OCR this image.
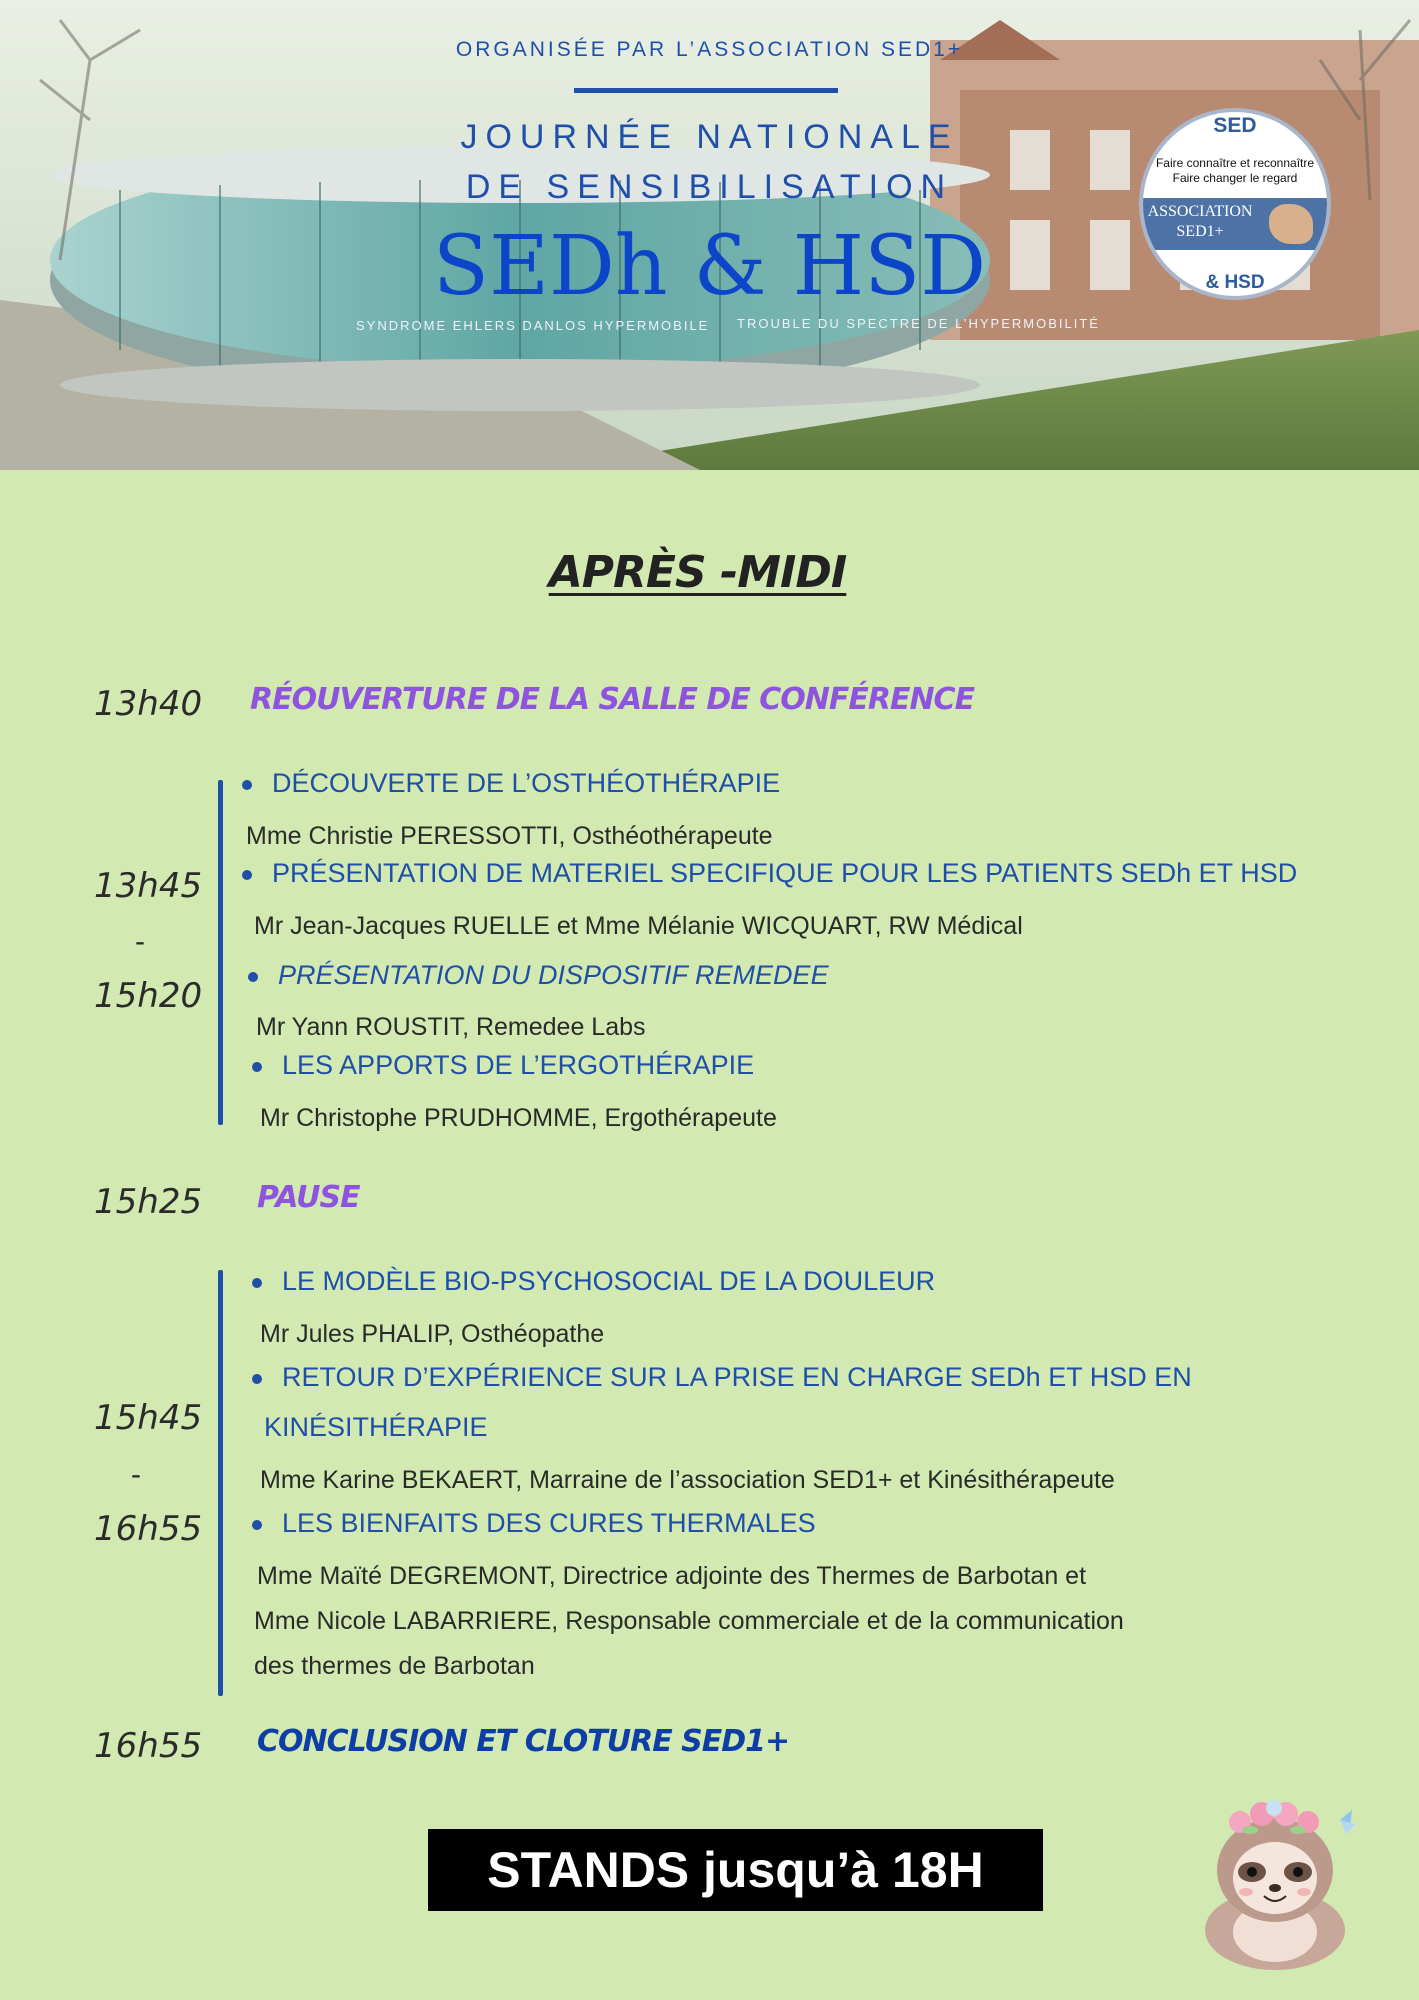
ORGANISÉE PAR L’ASSOCIATION SED1+
JOURNÉE NATIONALE
DE SENSIBILISATION
SEDh & HSD
SYNDROME EHLERS DANLOS HYPERMOBILE TROUBLE DU SPECTRE DE L’HYPERMOBILITÉ
SED
Faire connaître et reconnaître
Faire changer le regard
ASSOCIATION
SED1+
& HSD
APRÈS -MIDI
13h40 RÉOUVERTURE DE LA SALLE DE CONFÉRENCE
13h45
-
15h20
DÉCOUVERTE DE L’OSTHÉOTHÉRAPIE
Mme Christie PERESSOTTI, Osthéothérapeute
PRÉSENTATION DE MATERIEL SPECIFIQUE POUR LES PATIENTS SEDh ET HSD
Mr Jean-Jacques RUELLE et Mme Mélanie WICQUART, RW Médical
PRÉSENTATION DU DISPOSITIF REMEDEE
Mr Yann ROUSTIT, Remedee Labs
LES APPORTS DE L’ERGOTHÉRAPIE
Mr Christophe PRUDHOMME, Ergothérapeute
15h25 PAUSE
15h45
-
16h55
LE MODÈLE BIO-PSYCHOSOCIAL DE LA DOULEUR
Mr Jules PHALIP, Osthéopathe
RETOUR D’EXPÉRIENCE SUR LA PRISE EN CHARGE SEDh ET HSD EN
KINÉSITHÉRAPIE
Mme Karine BEKAERT, Marraine de l’association SED1+ et Kinésithérapeute
LES BIENFAITS DES CURES THERMALES
Mme Maïté DEGREMONT, Directrice adjointe des Thermes de Barbotan et
Mme Nicole LABARRIERE, Responsable commerciale et de la communication
des thermes de Barbotan
16h55 CONCLUSION ET CLOTURE SED1+
STANDS jusqu’à 18H
